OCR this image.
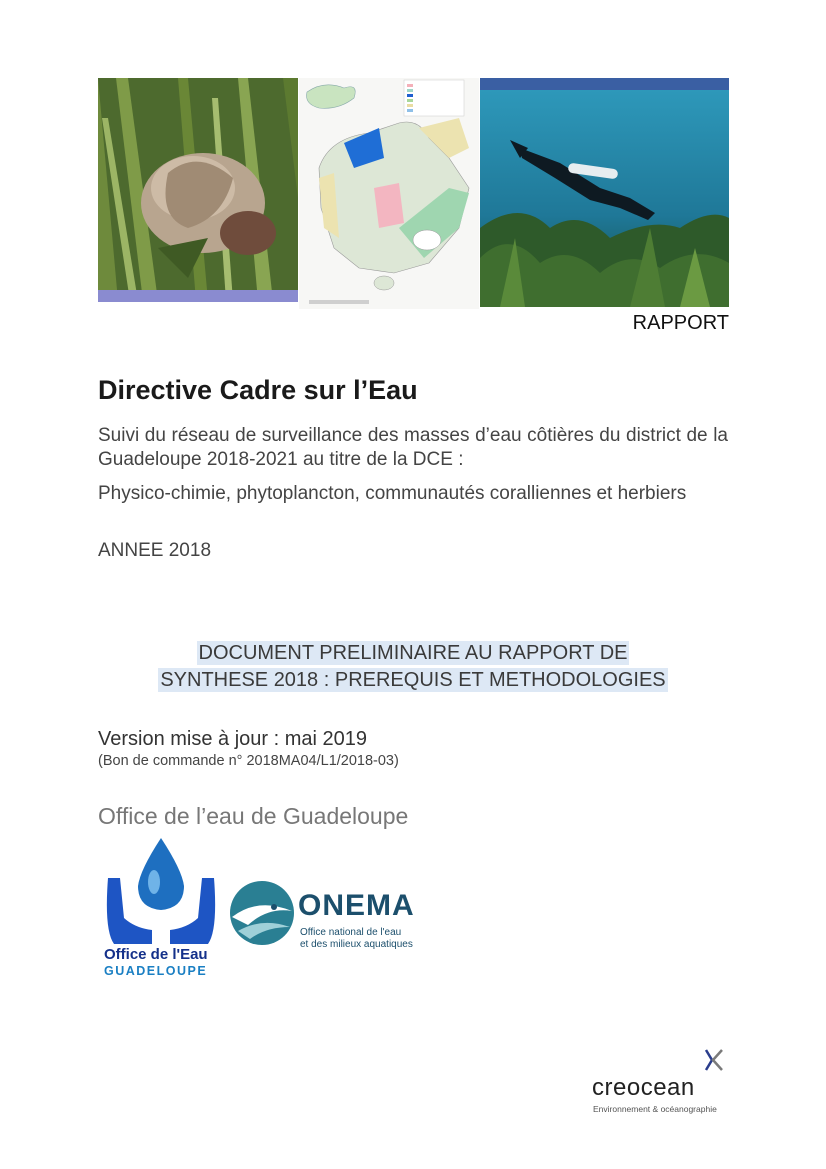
RAPPORT
Directive Cadre sur l’Eau
Suivi du réseau de surveillance des masses d’eau côtières du district de la Guadeloupe 2018-2021 au titre de la DCE :
Physico-chimie, phytoplancton, communautés coralliennes et herbiers
ANNEE 2018
DOCUMENT PRELIMINAIRE AU RAPPORT DE
SYNTHESE 2018 : PREREQUIS ET METHODOLOGIES
Version mise à jour : mai 2019
(Bon de commande n° 2018MA04/L1/2018-03)
Office de l’eau de Guadeloupe
Office de l'Eau
GUADELOUPE
ONEMA
Office national de l'eau
et des milieux aquatiques
creocean
Environnement & océanographie
